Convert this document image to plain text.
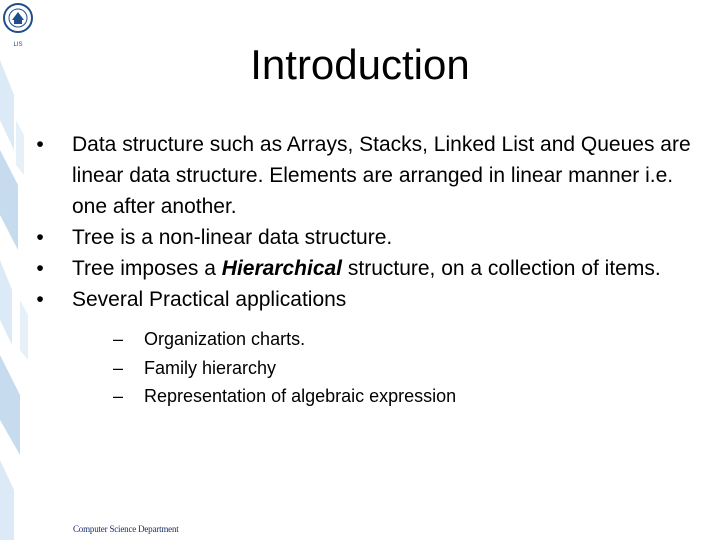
LIS	Introduction
• Data structure such as Arrays, Stacks, Linked List and Queues are linear data structure. Elements are arranged in linear manner i.e. one after another.
• Tree is a non-linear data structure.
• Tree imposes a Hierarchical structure, on a collection of items.
• Several Practical applications
– Organization charts.
– Family hierarchy
– Representation of algebraic expression
Computer Science Department
